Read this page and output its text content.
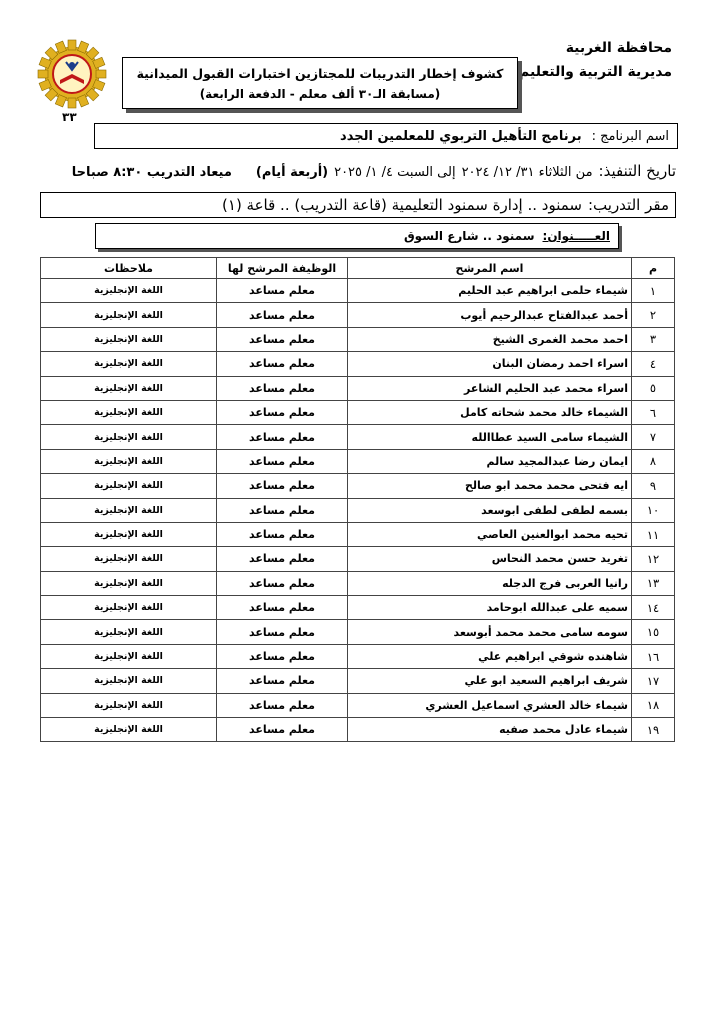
محافظة الغربية
مديرية التربية والتعليم
كشوف إخطار التدريبات للمجتازين اختبارات القبول الميدانية
(مسابقة الـ٣٠ ألف معلم - الدفعة الرابعة)
٣٣
اسم البرنامج :
برنامج التأهيل التربوي للمعلمين الجدد
تاريخ التنفيذ:
من الثلاثاء ٣١/ ١٢/ ٢٠٢٤
إلى السبت ٤/ ١/ ٢٠٢٥
(أربعة أيام)
ميعاد التدريب ٨:٣٠ صباحا
مقر التدريب:
سمنود .. إدارة سمنود التعليمية (قاعة التدريب) .. قاعة (١)
العـــــنوان:
سمنود .. شارع السوق
م	اسم المرشح	الوظيفة المرشح لها	ملاحظات
١	شيماء حلمى ابراهيم عبد الحليم	معلم مساعد	اللغة الإنجليزية
٢	أحمد عبدالفتاح عبدالرحيم أيوب	معلم مساعد	اللغة الإنجليزية
٣	احمد محمد الغمرى الشيخ	معلم مساعد	اللغة الإنجليزية
٤	اسراء احمد رمضان البنان	معلم مساعد	اللغة الإنجليزية
٥	اسراء محمد عبد الحليم الشاعر	معلم مساعد	اللغة الإنجليزية
٦	الشيماء خالد محمد شحاته كامل	معلم مساعد	اللغة الإنجليزية
٧	الشيماء سامى السيد عطاالله	معلم مساعد	اللغة الإنجليزية
٨	ايمان رضا عبدالمجيد سالم	معلم مساعد	اللغة الإنجليزية
٩	ايه فتحى محمد محمد ابو صالح	معلم مساعد	اللغة الإنجليزية
١٠	بسمه لطفى لطفى ابوسعد	معلم مساعد	اللغة الإنجليزية
١١	تحيه محمد ابوالعنين العاصي	معلم مساعد	اللغة الإنجليزية
١٢	تغريد حسن محمد النحاس	معلم مساعد	اللغة الإنجليزية
١٣	رانيا العربى فرج الدجله	معلم مساعد	اللغة الإنجليزية
١٤	سميه على عبدالله ابوحامد	معلم مساعد	اللغة الإنجليزية
١٥	سومه سامى محمد محمد أبوسعد	معلم مساعد	اللغة الإنجليزية
١٦	شاهنده شوقي ابراهيم علي	معلم مساعد	اللغة الإنجليزية
١٧	شريف ابراهيم السعيد ابو علي	معلم مساعد	اللغة الإنجليزية
١٨	شيماء خالد العشري اسماعيل العشري	معلم مساعد	اللغة الإنجليزية
١٩	شيماء عادل محمد صفيه	معلم مساعد	اللغة الإنجليزية
